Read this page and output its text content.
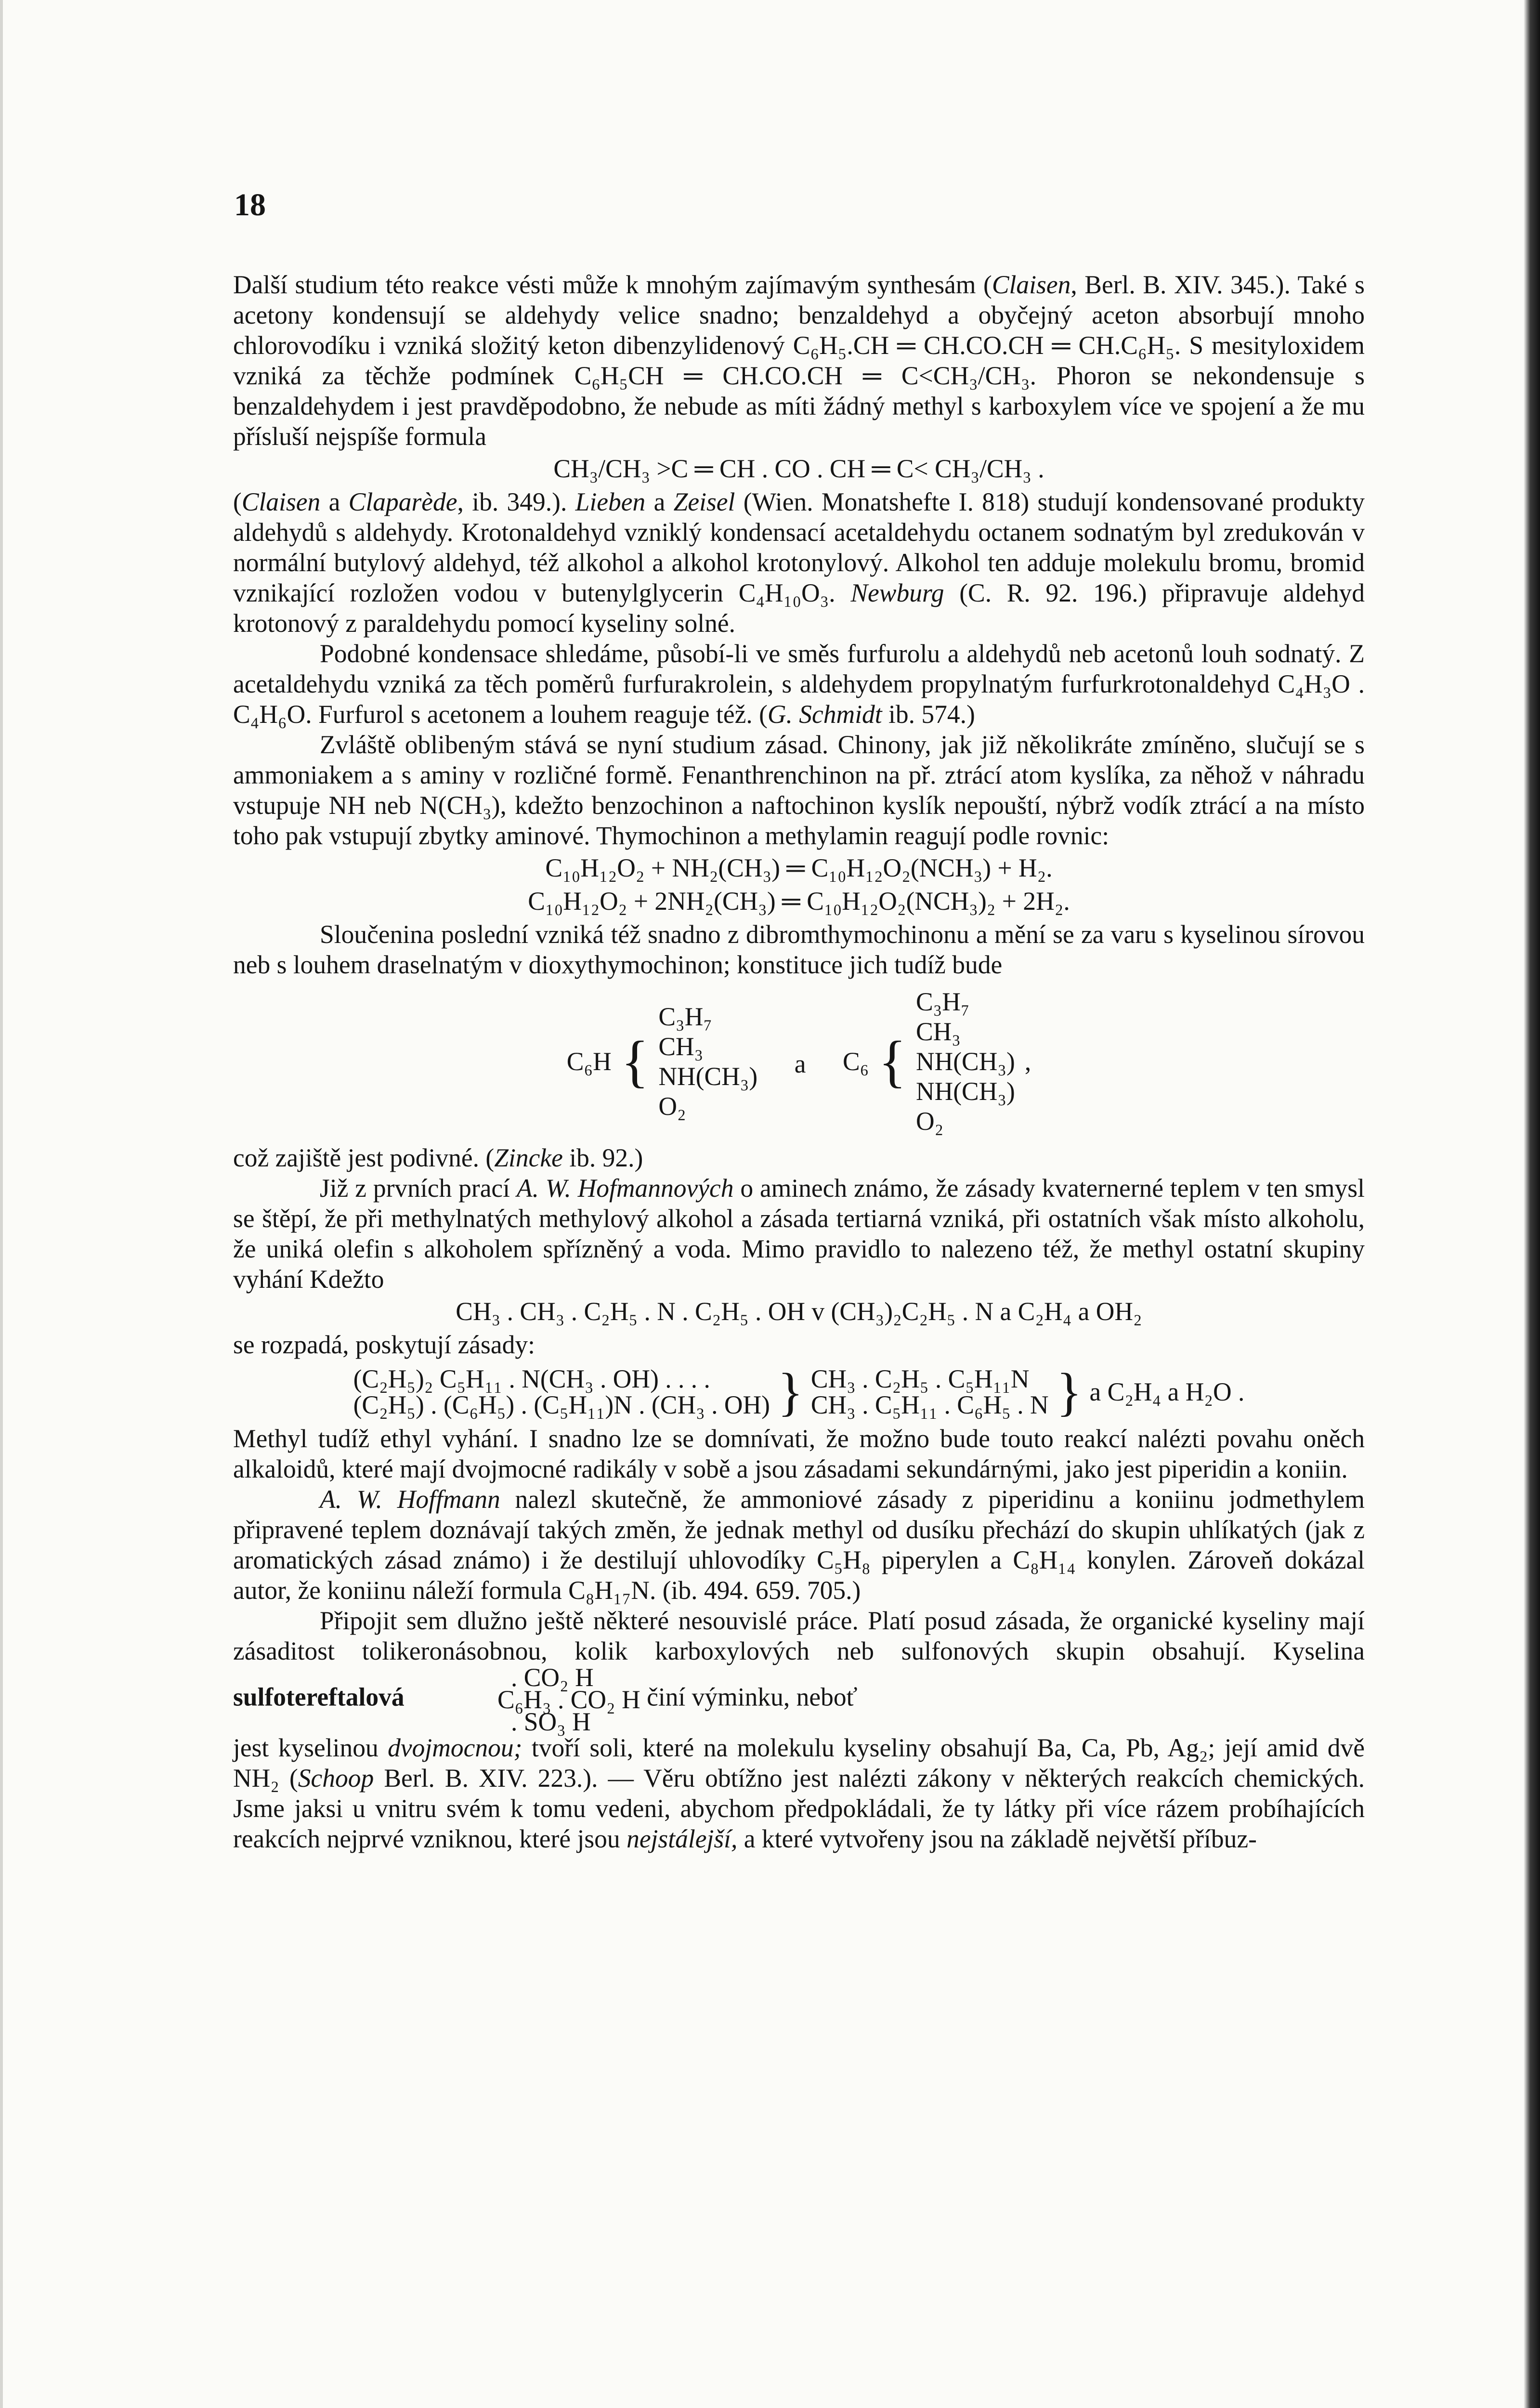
18

Další studium této reakce vésti může k mnohým zajímavým synthesám (Claisen, Berl. B. XIV. 345.). Také s acetony kondensují se aldehydy velice snadno; benzaldehyd a obyčejný aceton absorbují mnoho chlorovodíku i vzniká složitý keton dibenzylidenový C₆H₅.CH ═ CH.CO.CH ═ CH.C₆H₅. S mesityloxidem vzniká za těchže podmínek C₆H₅CH ═ CH.CO.CH ═ C<CH₃/CH₃. Phoron se nekondensuje s benzaldehydem i jest pravděpodobno, že nebude as míti žádný methyl s karboxylem více ve spojení a že mu přísluší nejspíše formula

CH₃/CH₃ >C ═ CH . CO . CH ═ C< CH₃/CH₃ .

(Claisen a Claparède, ib. 349.). Lieben a Zeisel (Wien. Monatshefte I. 818) studují kondensované produkty aldehydů s aldehydy. Krotonaldehyd vzniklý kondensací acetaldehydu octanem sodnatým byl zredukován v normální butylový aldehyd, též alkohol a alkohol krotonylový. Alkohol ten adduje molekulu bromu, bromid vznikající rozložen vodou v butenylglycerin C₄H₁₀O₃. Newburg (C. R. 92. 196.) připravuje aldehyd krotonový z paraldehydu pomocí kyseliny solné.

Podobné kondensace shledáme, působí-li ve směs furfurolu a aldehydů neb acetonů louh sodnatý. Z acetaldehydu vzniká za těch poměrů furfurakrolein, s aldehydem propylnatým furfurkrotonaldehyd C₄H₃O . C₄H₆O. Furfurol s acetonem a louhem reaguje též. (G. Schmidt ib. 574.)

Zvláště oblibeným stává se nyní studium zásad. Chinony, jak již několikráte zmíněno, slučují se s ammoniakem a s aminy v rozličné formě. Fenanthrenchinon na př. ztrácí atom kyslíka, za něhož v náhradu vstupuje NH neb N(CH₃), kdežto benzochinon a naftochinon kyslík nepouští, nýbrž vodík ztrácí a na místo toho pak vstupují zbytky aminové. Thymochinon a methylamin reagují podle rovnic:

C₁₀H₁₂O₂ + NH₂(CH₃) ═ C₁₀H₁₂O₂(NCH₃) + H₂.
C₁₀H₁₂O₂ + 2NH₂(CH₃) ═ C₁₀H₁₂O₂(NCH₃)₂ + 2H₂.

Sloučenina poslední vzniká též snadno z dibromthymochinonu a mění se za varu s kyselinou sírovou neb s louhem draselnatým v dioxythymochinon; konstituce jich tudíž bude

C₆H {
C₃H₇
CH₃
NH(CH₃)
O₂
a C₆ {
C₃H₇
CH₃
NH(CH₃)
NH(CH₃)
O₂
,

což zajiště jest podivné. (Zincke ib. 92.)

Již z prvních prací A. W. Hofmannových o aminech známo, že zásady kvaternerné teplem v ten smysl se štěpí, že při methylnatých methylový alkohol a zásada tertiarná vzniká, při ostatních však místo alkoholu, že uniká olefin s alkoholem spřízněný a voda. Mimo pravidlo to nalezeno též, že methyl ostatní skupiny vyhání Kdežto

CH₃ . CH₃ . C₂H₅ . N . C₂H₅ . OH v (CH₃)₂C₂H₅ . N a C₂H₄ a OH₂

se rozpadá, poskytují zásady:

(C₂H₅)₂ C₅H₁₁ . N(CH₃ . OH) . . . .
(C₂H₅) . (C₆H₅) . (C₅H₁₁)N . (CH₃ . OH) } CH₃ . C₂H₅ . C₅H₁₁N
CH₃ . C₅H₁₁ . C₆H₅ . N } a C₂H₄ a H₂O .

Methyl tudíž ethyl vyhání. I snadno lze se domnívati, že možno bude touto reakcí nalézti povahu oněch alkaloidů, které mají dvojmocné radikály v sobě a jsou zásadami sekundárnými, jako jest piperidin a koniin.

A. W. Hoffmann nalezl skutečně, že ammoniové zásady z piperidinu a koniinu jodmethylem připravené teplem doznávají takých změn, že jednak methyl od dusíku přechází do skupin uhlíkatých (jak z aromatických zásad známo) i že destilují uhlovodíky C₅H₈ piperylen a C₈H₁₄ konylen. Zároveň dokázal autor, že koniinu náleží formula C₈H₁₇N. (ib. 494. 659. 705.)

Připojit sem dlužno ještě některé nesouvislé práce. Platí posud zásada, že organické kyseliny mají zásaditost tolikeronásobnou, kolik karboxylových neb sulfonových skupin obsahují. Kyselina sulfotereftalová
. CO₂ H
C₆H₃ . CO₂ H
. SO₃ H
činí výminku, neboť

jest kyselinou dvojmocnou; tvoří soli, které na molekulu kyseliny obsahují Ba, Ca, Pb, Ag₂; její amid dvě NH₂ (Schoop Berl. B. XIV. 223.). — Věru obtížno jest nalézti zákony v některých reakcích chemických. Jsme jaksi u vnitru svém k tomu vedeni, abychom předpokládali, že ty látky při více rázem probíhajících reakcích nejprvé vzniknou, které jsou nejstálejší, a které vytvořeny jsou na základě největší příbuz-
